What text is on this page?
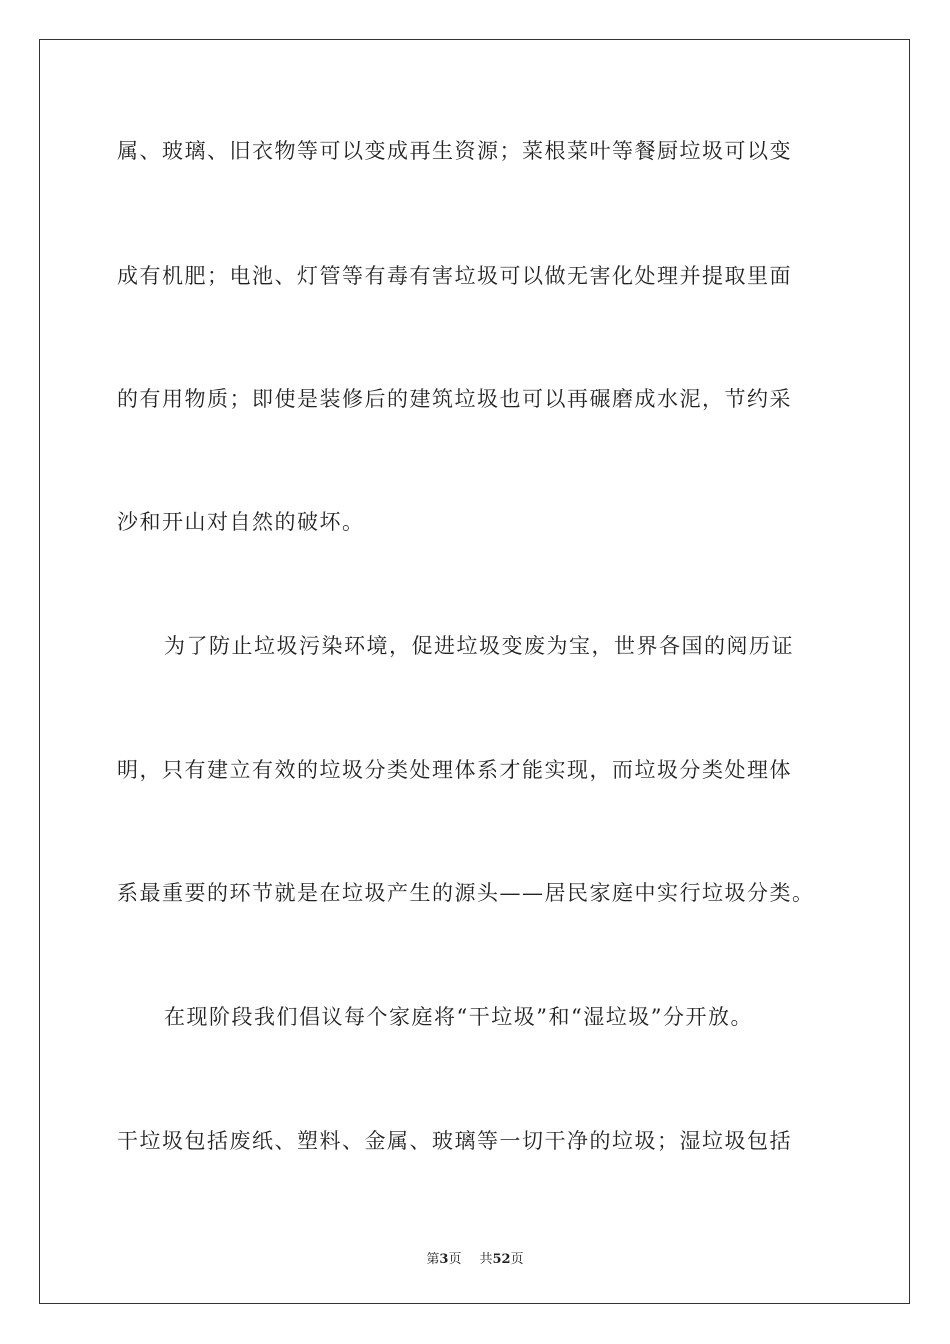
属、玻璃、旧衣物等可以变成再生资源；菜根菜叶等餐厨垃圾可以变
成有机肥；电池、灯管等有毒有害垃圾可以做无害化处理并提取里面
的有用物质；即使是装修后的建筑垃圾也可以再碾磨成水泥，节约采
沙和开山对自然的破坏。
为了防止垃圾污染环境，促进垃圾变废为宝，世界各国的阅历证
明，只有建立有效的垃圾分类处理体系才能实现，而垃圾分类处理体
系最重要的环节就是在垃圾产生的源头——居民家庭中实行垃圾分类。
在现阶段我们倡议每个家庭将“干垃圾”和“湿垃圾”分开放。
干垃圾包括废纸、塑料、金属、玻璃等一切干净的垃圾；湿垃圾包括
第3页 共52页
